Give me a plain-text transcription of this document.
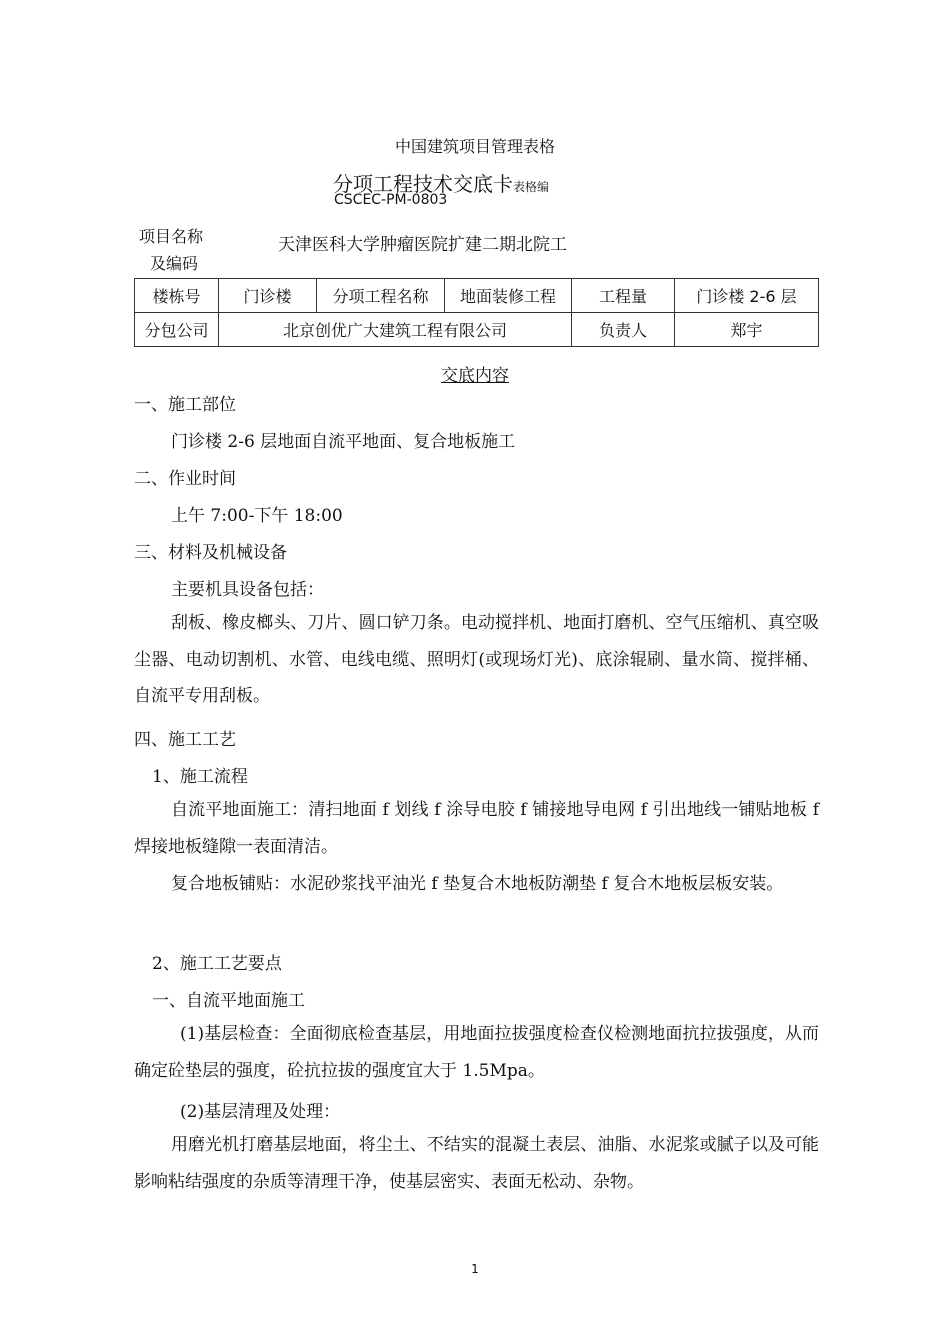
中国建筑项目管理表格
分项工程技术交底卡表格编
CSCEC-PM-0803
项目名称
及编码
天津医科大学肿瘤医院扩建二期北院工
楼栋号	门诊楼	分项工程名称	地面装修工程	工程量	门诊楼 2-6 层
分包公司	北京创优广大建筑工程有限公司			负责人	郑宇
交底内容
一、施工部位
门诊楼 2-6 层地面自流平地面、复合地板施工
二、作业时间
上午 7:00-下午 18:00
三、材料及机械设备
主要机具设备包括：
刮板、橡皮榔头、刀片、圆口铲刀条。电动搅拌机、地面打磨机、空气压缩机、真空吸尘器、电动切割机、水管、电线电缆、照明灯(或现场灯光)、底涂辊刷、量水筒、搅拌桶、自流平专用刮板。
四、施工工艺
1、施工流程
自流平地面施工：清扫地面 f 划线 f 涂导电胶 f 铺接地导电网 f 引出地线一铺贴地板 f 焊接地板缝隙一表面清洁。
复合地板铺贴：水泥砂浆找平油光 f 垫复合木地板防潮垫 f 复合木地板层板安装。
2、施工工艺要点
一、自流平地面施工
(1)基层检查：全面彻底检查基层，用地面拉拔强度检查仪检测地面抗拉拔强度，从而确定砼垫层的强度，砼抗拉拔的强度宜大于 1.5Mpa。
(2)基层清理及处理：
用磨光机打磨基层地面，将尘土、不结实的混凝土表层、油脂、水泥浆或腻子以及可能影响粘结强度的杂质等清理干净，使基层密实、表面无松动、杂物。
1
